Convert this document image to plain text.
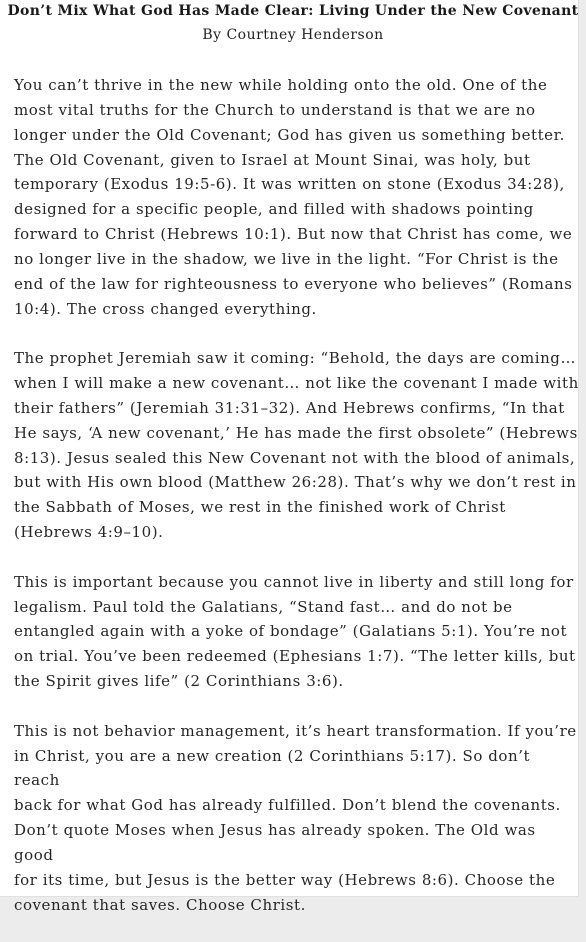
Don’t Mix What God Has Made Clear: Living Under the New Covenant
By Courtney Henderson

You can’t thrive in the new while holding onto the old. One of the
most vital truths for the Church to understand is that we are no
longer under the Old Covenant; God has given us something better.
The Old Covenant, given to Israel at Mount Sinai, was holy, but
temporary (Exodus 19:5-6). It was written on stone (Exodus 34:28),
designed for a specific people, and filled with shadows pointing
forward to Christ (Hebrews 10:1). But now that Christ has come, we
no longer live in the shadow, we live in the light. “For Christ is the
end of the law for righteousness to everyone who believes” (Romans
10:4). The cross changed everything.

The prophet Jeremiah saw it coming: “Behold, the days are coming…
when I will make a new covenant… not like the covenant I made with
their fathers” (Jeremiah 31:31–32). And Hebrews confirms, “In that
He says, ‘A new covenant,’ He has made the first obsolete” (Hebrews
8:13). Jesus sealed this New Covenant not with the blood of animals,
but with His own blood (Matthew 26:28). That’s why we don’t rest in
the Sabbath of Moses, we rest in the finished work of Christ
(Hebrews 4:9–10).

This is important because you cannot live in liberty and still long for
legalism. Paul told the Galatians, “Stand fast… and do not be
entangled again with a yoke of bondage” (Galatians 5:1). You’re not
on trial. You’ve been redeemed (Ephesians 1:7). “The letter kills, but
the Spirit gives life” (2 Corinthians 3:6).

This is not behavior management, it’s heart transformation. If you’re
in Christ, you are a new creation (2 Corinthians 5:17). So don’t reach
back for what God has already fulfilled. Don’t blend the covenants.
Don’t quote Moses when Jesus has already spoken. The Old was good
for its time, but Jesus is the better way (Hebrews 8:6). Choose the
covenant that saves. Choose Christ.
